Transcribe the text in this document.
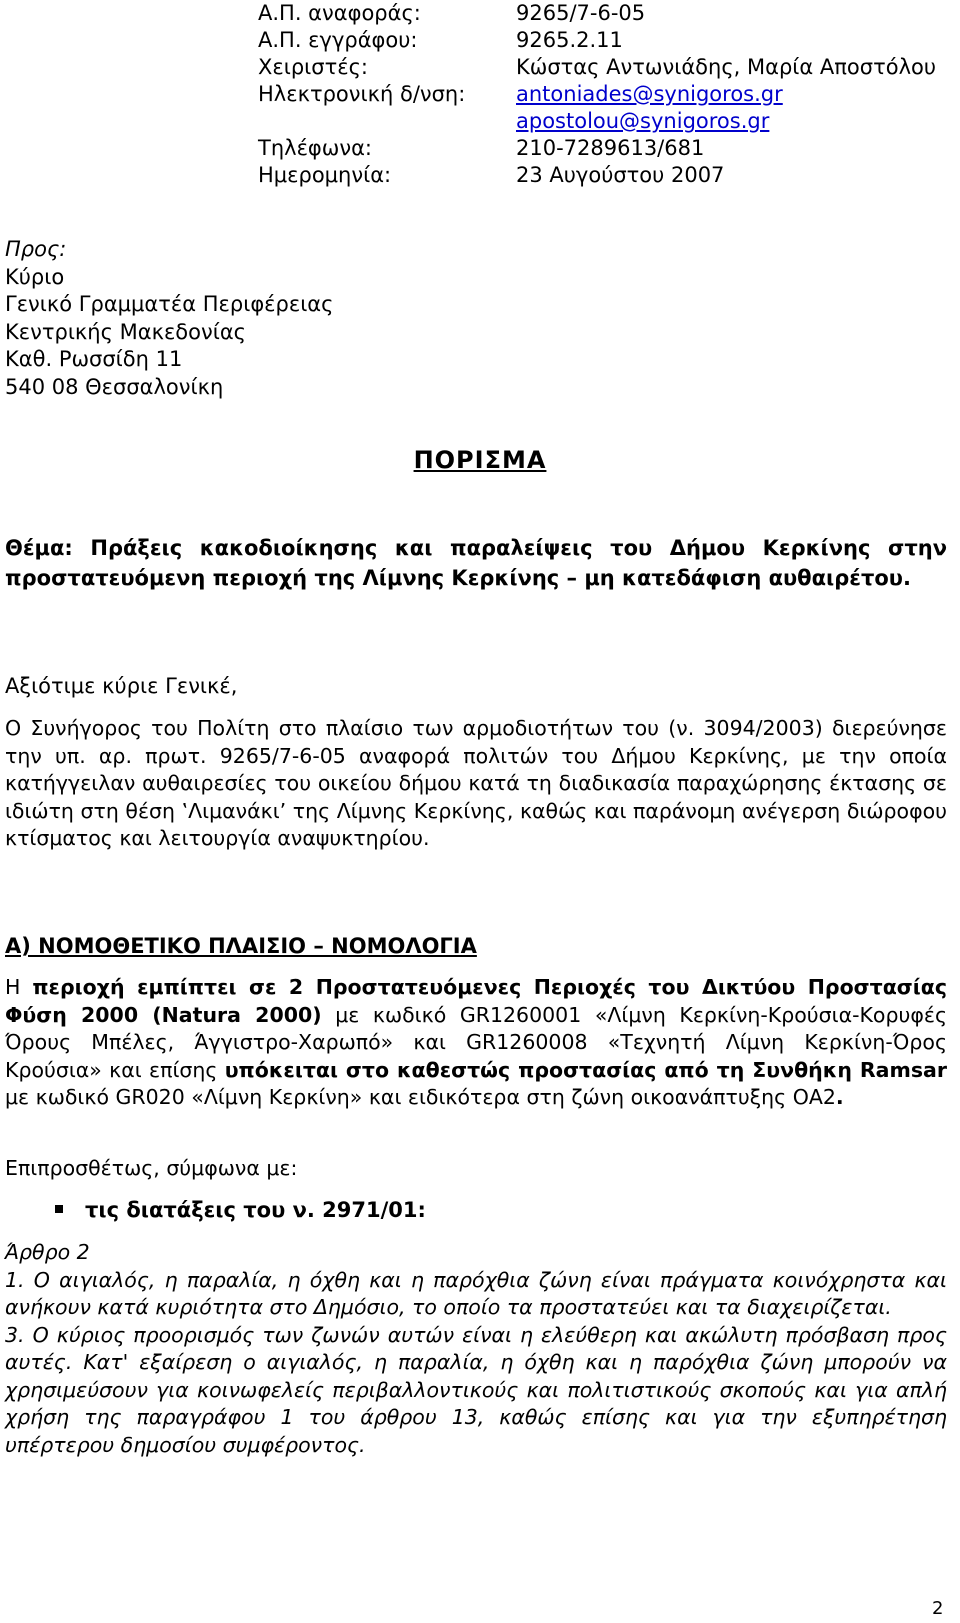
Α.Π. αναφοράς:	9265/7-6-05
Α.Π. εγγράφου:	9265.2.11
Χειριστές:	Κώστας Αντωνιάδης, Μαρία Αποστόλου
Ηλεκτρονική δ/νση: antoniades@synigoros.gr
apostolou@synigoros.gr
Τηλέφωνα:	210-7289613/681
Ημερομηνία:	23 Αυγούστου 2007
Προς:
Κύριο
Γενικό Γραμματέα Περιφέρειας
Κεντρικής Μακεδονίας
Καθ. Ρωσσίδη 11
540 08 Θεσσαλονίκη
ΠΟΡΙΣΜΑ
Θέμα: Πράξεις κακοδιοίκησης και παραλείψεις του Δήμου Κερκίνης στην προστατευόμενη περιοχή της Λίμνης Κερκίνης – μη κατεδάφιση αυθαιρέτου.
Αξιότιμε κύριε Γενικέ,
Ο Συνήγορος του Πολίτη στο πλαίσιο των αρμοδιοτήτων του (ν. 3094/2003) διερεύνησε την υπ. αρ. πρωτ. 9265/7-6-05 αναφορά πολιτών του Δήμου Κερκίνης, με την οποία κατήγγειλαν αυθαιρεσίες του οικείου δήμου κατά τη διαδικασία παραχώρησης έκτασης σε ιδιώτη στη θέση ‛Λιμανάκι’ της Λίμνης Κερκίνης, καθώς και παράνομη ανέγερση διώροφου κτίσματος και λειτουργία αναψυκτηρίου.
Α) ΝΟΜΟΘΕΤΙΚΟ ΠΛΑΙΣΙΟ – ΝΟΜΟΛΟΓΙΑ
Η περιοχή εμπίπτει σε 2 Προστατευόμενες Περιοχές του Δικτύου Προστασίας Φύση 2000 (Natura 2000) με κωδικό GR1260001 «Λίμνη Κερκίνη-Κρούσια-Κορυφές Όρους Μπέλες, Άγγιστρο-Χαρωπό» και GR1260008 «Τεχνητή Λίμνη Κερκίνη-Όρος Κρούσια» και επίσης υπόκειται στο καθεστώς προστασίας από τη Συνθήκη Ramsar με κωδικό GR020 «Λίμνη Κερκίνη» και ειδικότερα στη ζώνη οικοανάπτυξης ΟΑ2.
Επιπροσθέτως, σύμφωνα με:
τις διατάξεις του ν. 2971/01:

Άρθρο 2

1. Ο αιγιαλός, η παραλία, η όχθη και η παρόχθια ζώνη είναι πράγματα κοινόχρηστα και ανήκουν κατά κυριότητα στο Δημόσιο, το οποίο τα προστατεύει και τα διαχειρίζεται.

3. Ο κύριος προορισμός των ζωνών αυτών είναι η ελεύθερη και ακώλυτη πρόσβαση προς αυτές. Κατ' εξαίρεση ο αιγιαλός, η παραλία, η όχθη και η παρόχθια ζώνη μπορούν να χρησιμεύσουν για κοινωφελείς περιβαλλοντικούς και πολιτιστικούς σκοπούς και για απλή χρήση της παραγράφου 1 του άρθρου 13, καθώς επίσης και για την εξυπηρέτηση υπέρτερου δημοσίου συμφέροντος.

2
